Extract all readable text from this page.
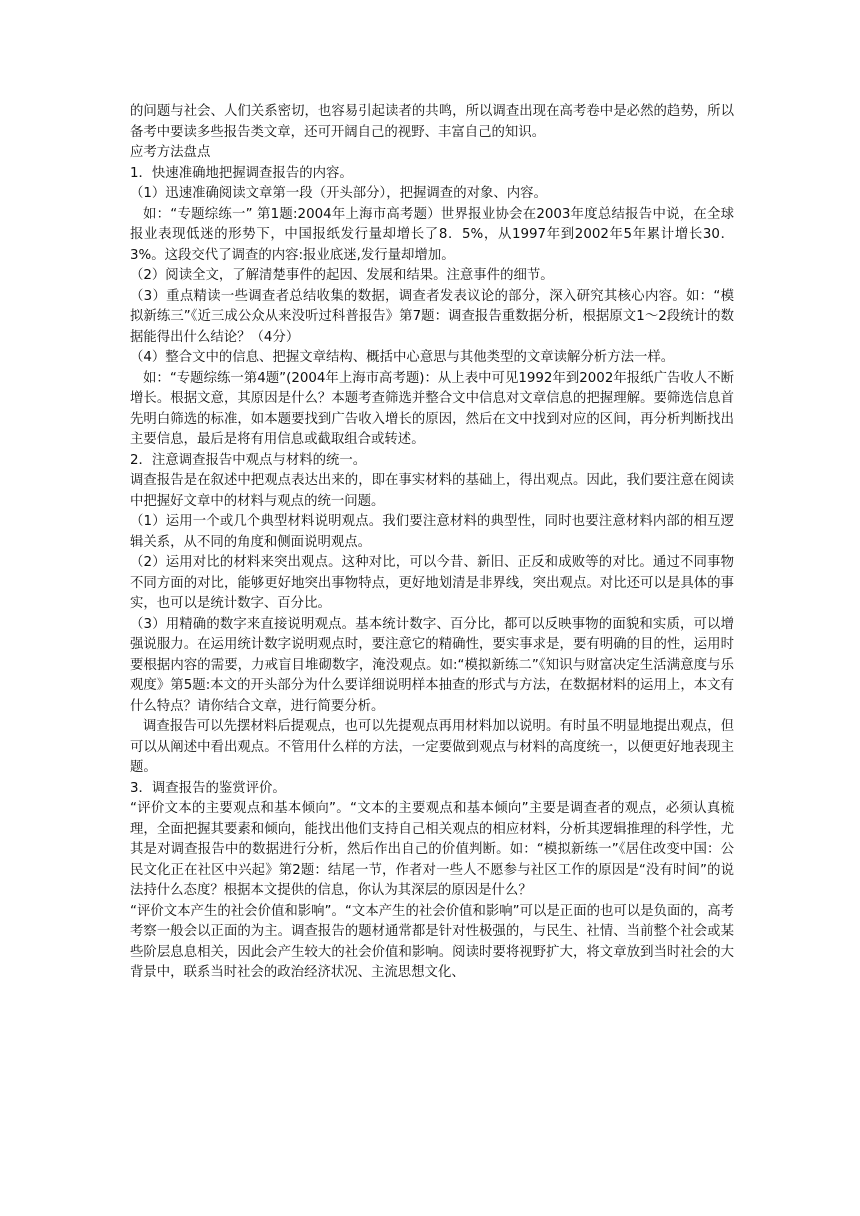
的问题与社会、人们关系密切，也容易引起读者的共鸣，所以调查出现在高考卷中是必然的趋势，所以备考中要读多些报告类文章，还可开阔自己的视野、丰富自己的知识。

应考方法盘点

1．快速准确地把握调查报告的内容。

（1）迅速准确阅读文章第一段（开头部分），把握调查的对象、内容。

如：“专题综练一” 第1题:2004年上海市高考题）世界报业协会在2003年度总结报告中说，在全球报业表现低迷的形势下，中国报纸发行量却增长了8．5%，从1997年到2002年5年累计增长30．3%。这段交代了调查的内容:报业底迷,发行量却增加。

（2）阅读全文，了解清楚事件的起因、发展和结果。注意事件的细节。

（3）重点精读一些调查者总结收集的数据，调查者发表议论的部分，深入研究其核心内容。如：“模拟新练三”《近三成公众从来没听过科普报告》第7题：调查报告重数据分析，根据原文1～2段统计的数据能得出什么结论？（4分）

（4）整合文中的信息、把握文章结构、概括中心意思与其他类型的文章读解分析方法一样。

如：“专题综练一第4题”(2004年上海市高考题)：从上表中可见1992年到2002年报纸广告收人不断增长。根据文意，其原因是什么？本题考查筛选并整合文中信息对文章信息的把握理解。要筛选信息首先明白筛选的标准，如本题要找到广告收入增长的原因，然后在文中找到对应的区间，再分析判断找出主要信息，最后是将有用信息或截取组合或转述。

2．注意调查报告中观点与材料的统一。

调查报告是在叙述中把观点表达出来的，即在事实材料的基础上，得出观点。因此，我们要注意在阅读中把握好文章中的材料与观点的统一问题。

（1）运用一个或几个典型材料说明观点。我们要注意材料的典型性，同时也要注意材料内部的相互逻辑关系，从不同的角度和侧面说明观点。

（2）运用对比的材料来突出观点。这种对比，可以今昔、新旧、正反和成败等的对比。通过不同事物不同方面的对比，能够更好地突出事物特点，更好地划清是非界线，突出观点。对比还可以是具体的事实，也可以是统计数字、百分比。

（3）用精确的数字来直接说明观点。基本统计数字、百分比，都可以反映事物的面貌和实质，可以增强说服力。在运用统计数字说明观点时，要注意它的精确性，要实事求是，要有明确的目的性，运用时要根据内容的需要，力戒盲目堆砌数字，淹没观点。如:“模拟新练二”《知识与财富决定生活满意度与乐观度》第5题:本文的开头部分为什么要详细说明样本抽查的形式与方法，在数据材料的运用上，本文有什么特点？请你结合文章，进行简要分析。

调查报告可以先摆材料后提观点，也可以先提观点再用材料加以说明。有时虽不明显地提出观点，但可以从阐述中看出观点。不管用什么样的方法，一定要做到观点与材料的高度统一，以便更好地表现主题。

3．调查报告的鉴赏评价。

“评价文本的主要观点和基本倾向”。“文本的主要观点和基本倾向”主要是调查者的观点，必须认真梳理，全面把握其要素和倾向，能找出他们支持自己相关观点的相应材料，分析其逻辑推理的科学性，尤其是对调查报告中的数据进行分析，然后作出自己的价值判断。如：“模拟新练一”《居住改变中国：公民文化正在社区中兴起》第2题：结尾一节，作者对一些人不愿参与社区工作的原因是“没有时间”的说法持什么态度？根据本文提供的信息，你认为其深层的原因是什么？

“评价文本产生的社会价值和影响”。“文本产生的社会价值和影响”可以是正面的也可以是负面的，高考考察一般会以正面的为主。调查报告的题材通常都是针对性极强的，与民生、社情、当前整个社会或某些阶层息息相关，因此会产生较大的社会价值和影响。阅读时要将视野扩大，将文章放到当时社会的大背景中，联系当时社会的政治经济状况、主流思想文化、
